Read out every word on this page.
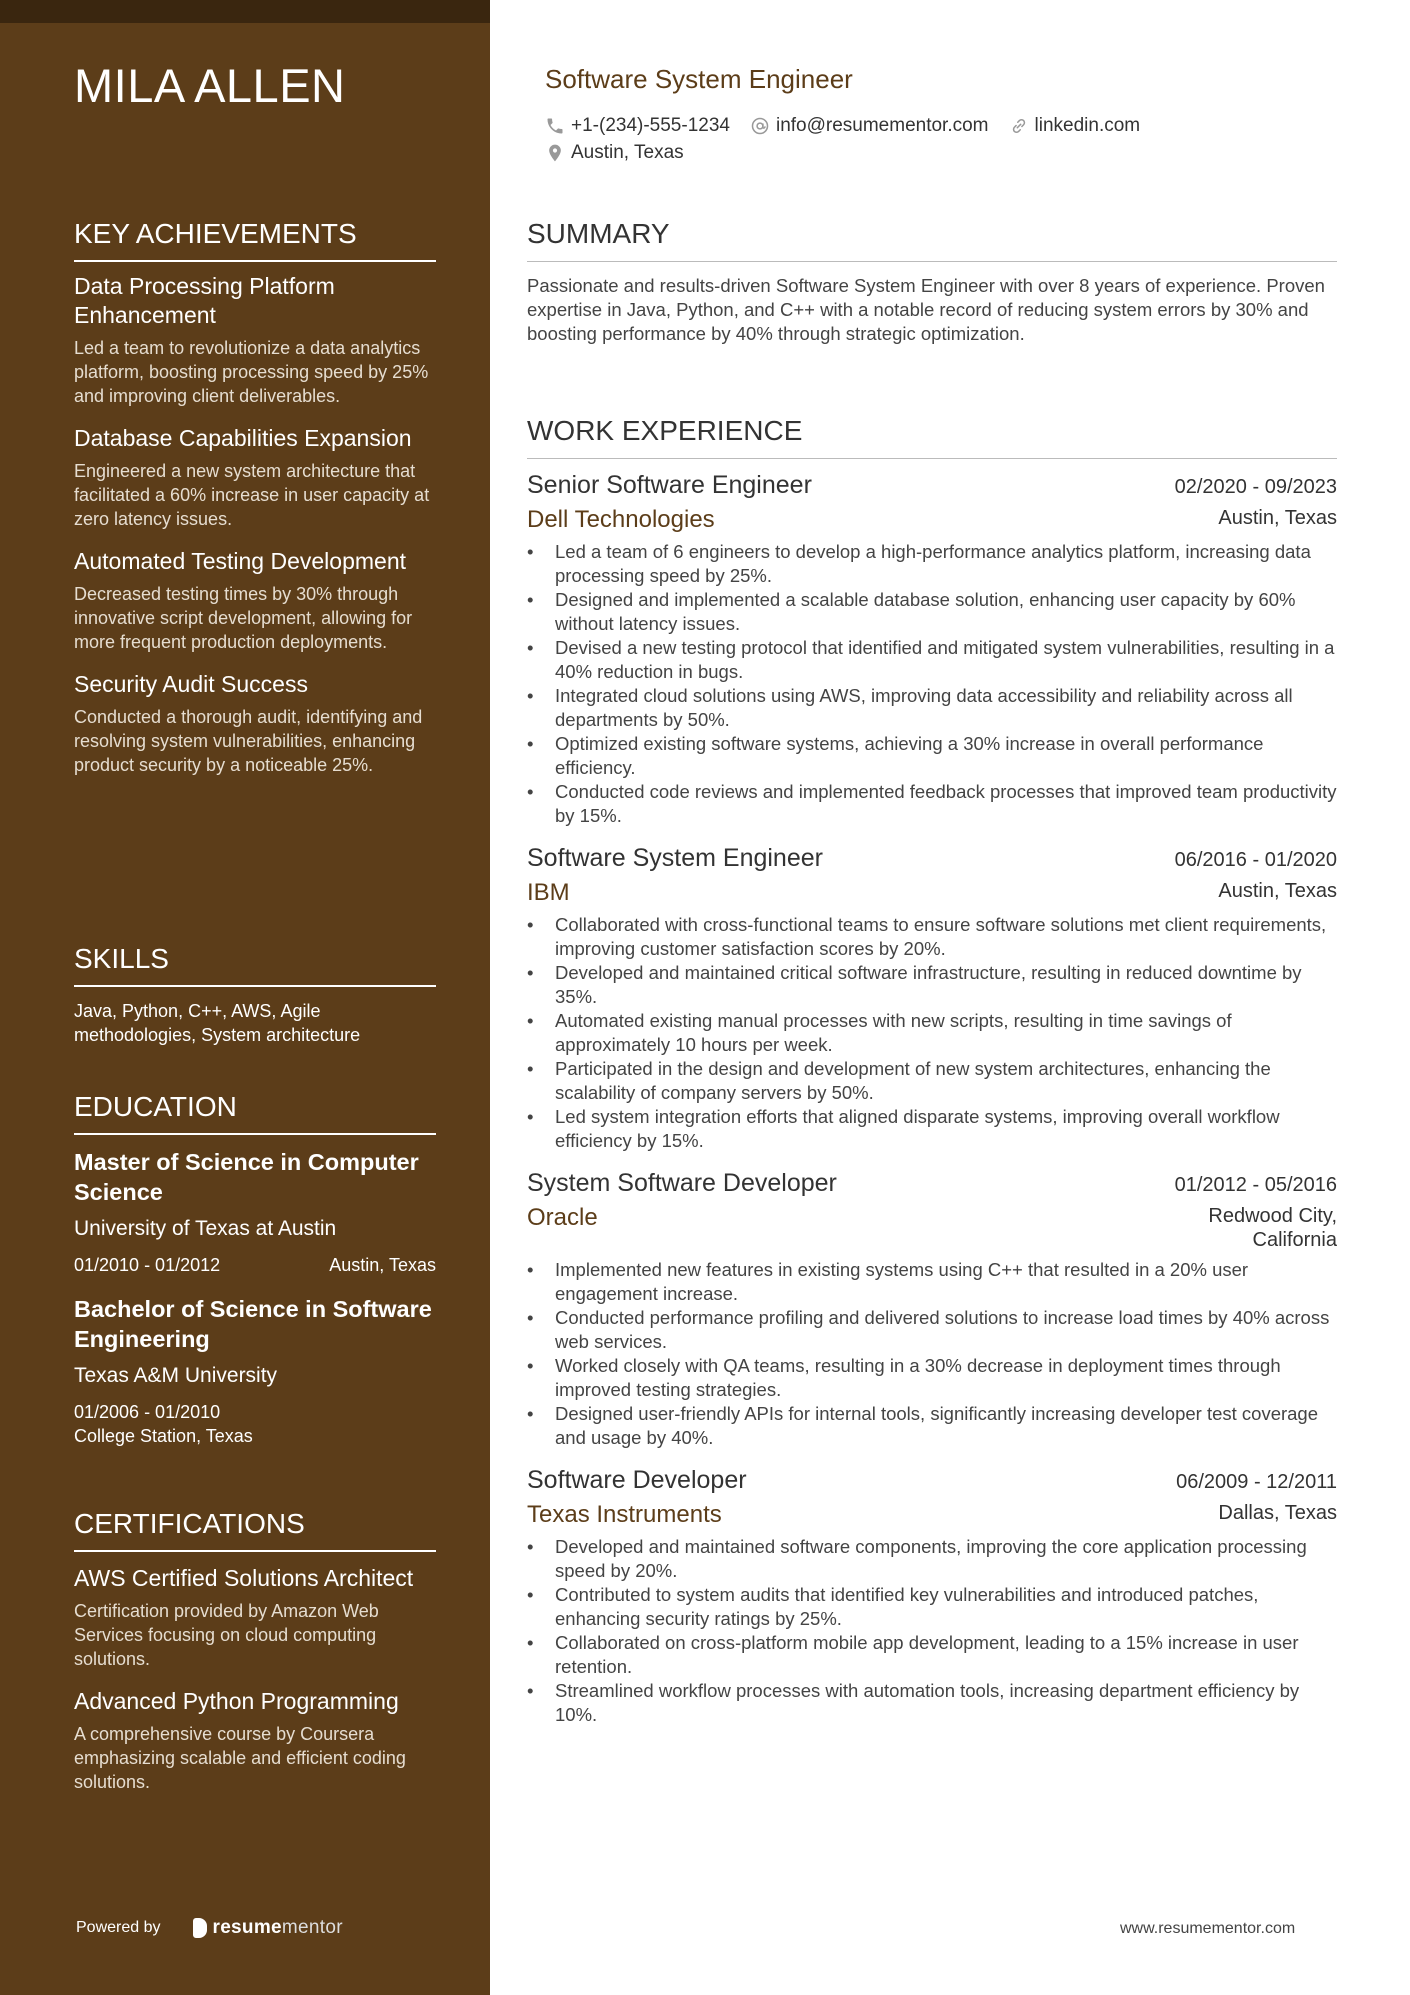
MILA ALLEN
KEY ACHIEVEMENTS
Data Processing Platform Enhancement
Led a team to revolutionize a data analytics platform, boosting processing speed by 25% and improving client deliverables.
Database Capabilities Expansion
Engineered a new system architecture that facilitated a 60% increase in user capacity at zero latency issues.
Automated Testing Development
Decreased testing times by 30% through innovative script development, allowing for more frequent production deployments.
Security Audit Success
Conducted a thorough audit, identifying and resolving system vulnerabilities, enhancing product security by a noticeable 25%.
SKILLS
Java, Python, C++, AWS, Agile methodologies, System architecture
EDUCATION
Master of Science in Computer Science
University of Texas at Austin
01/2010 - 01/2012	Austin, Texas
Bachelor of Science in Software Engineering
Texas A&M University
01/2006 - 01/2010
College Station, Texas
CERTIFICATIONS
AWS Certified Solutions Architect
Certification provided by Amazon Web Services focusing on cloud computing solutions.
Advanced Python Programming
A comprehensive course by Coursera emphasizing scalable and efficient coding solutions.
Powered by	resume mentor
Software System Engineer
+1-(234)-555-1234 info@resumementor.com linkedin.com
Austin, Texas
SUMMARY
Passionate and results-driven Software System Engineer with over 8 years of experience. Proven expertise in Java, Python, and C++ with a notable record of reducing system errors by 30% and boosting performance by 40% through strategic optimization.
WORK EXPERIENCE
Senior Software Engineer	02/2020 - 09/2023
Dell Technologies	Austin, Texas
• Led a team of 6 engineers to develop a high-performance analytics platform, increasing data processing speed by 25%.
• Designed and implemented a scalable database solution, enhancing user capacity by 60% without latency issues.
• Devised a new testing protocol that identified and mitigated system vulnerabilities, resulting in a 40% reduction in bugs.
• Integrated cloud solutions using AWS, improving data accessibility and reliability across all departments by 50%.
• Optimized existing software systems, achieving a 30% increase in overall performance efficiency.
• Conducted code reviews and implemented feedback processes that improved team productivity by 15%.
Software System Engineer	06/2016 - 01/2020
IBM	Austin, Texas
• Collaborated with cross-functional teams to ensure software solutions met client requirements, improving customer satisfaction scores by 20%.
• Developed and maintained critical software infrastructure, resulting in reduced downtime by 35%.
• Automated existing manual processes with new scripts, resulting in time savings of approximately 10 hours per week.
• Participated in the design and development of new system architectures, enhancing the scalability of company servers by 50%.
• Led system integration efforts that aligned disparate systems, improving overall workflow efficiency by 15%.
System Software Developer	01/2012 - 05/2016
Oracle	Redwood City, California
• Implemented new features in existing systems using C++ that resulted in a 20% user engagement increase.
• Conducted performance profiling and delivered solutions to increase load times by 40% across web services.
• Worked closely with QA teams, resulting in a 30% decrease in deployment times through improved testing strategies.
• Designed user-friendly APIs for internal tools, significantly increasing developer test coverage and usage by 40%.
Software Developer	06/2009 - 12/2011
Texas Instruments	Dallas, Texas
• Developed and maintained software components, improving the core application processing speed by 20%.
• Contributed to system audits that identified key vulnerabilities and introduced patches, enhancing security ratings by 25%.
• Collaborated on cross-platform mobile app development, leading to a 15% increase in user retention.
• Streamlined workflow processes with automation tools, increasing department efficiency by 10%.
www.resumementor.com
